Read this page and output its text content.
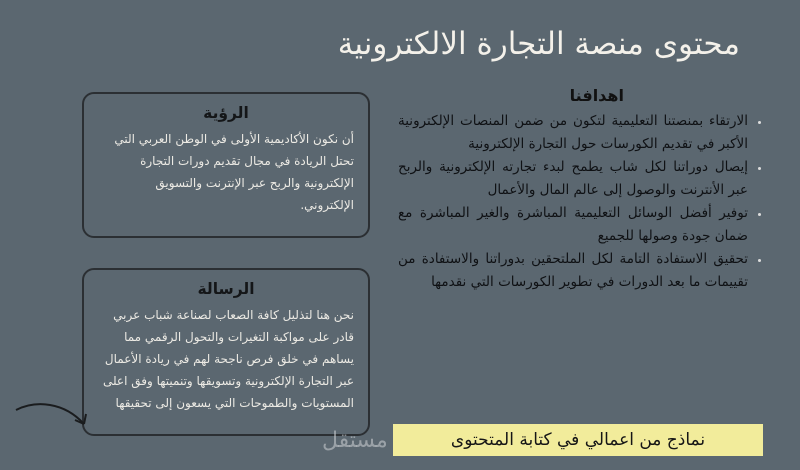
محتوى منصة التجارة الالكترونية
اهدافنا
• الارتقاء بمنصتنا التعليمية لتكون من ضمن المنصات الإلكترونية الأكبر في تقديم الكورسات حول التجارة الإلكترونية
• إيصال دوراتنا لكل شاب يطمح لبدء تجارته الإلكترونية والربح عبر الأنترنت والوصول إلى عالم المال والأعمال
• توفير أفضل الوسائل التعليمية المباشرة والغير المباشرة مع ضمان جودة وصولها للجميع
• تحقيق الاستفادة التامة لكل الملتحقين بدوراتنا والاستفادة من تقييمات ما بعد الدورات في تطوير الكورسات التي نقدمها
الرؤية
أن نكون الأكاديمية الأولى في الوطن العربي التي تحتل الريادة في مجال تقديم دورات التجارة الإلكترونية والربح عبر الإنترنت والتسويق الإلكتروني.
الرسالة
نحن هنا لتذليل كافة الصعاب لصناعة شباب عربي قادر على مواكبة التغيرات والتحول الرقمي مما يساهم في خلق فرص ناجحة لهم في ريادة الأعمال عبر التجارة الإلكترونية وتسويقها وتنميتها وفق اعلى المستويات والطموحات التي يسعون إلى تحقيقها
مستقل	نماذج من اعمالي في كتابة المتحتوى
